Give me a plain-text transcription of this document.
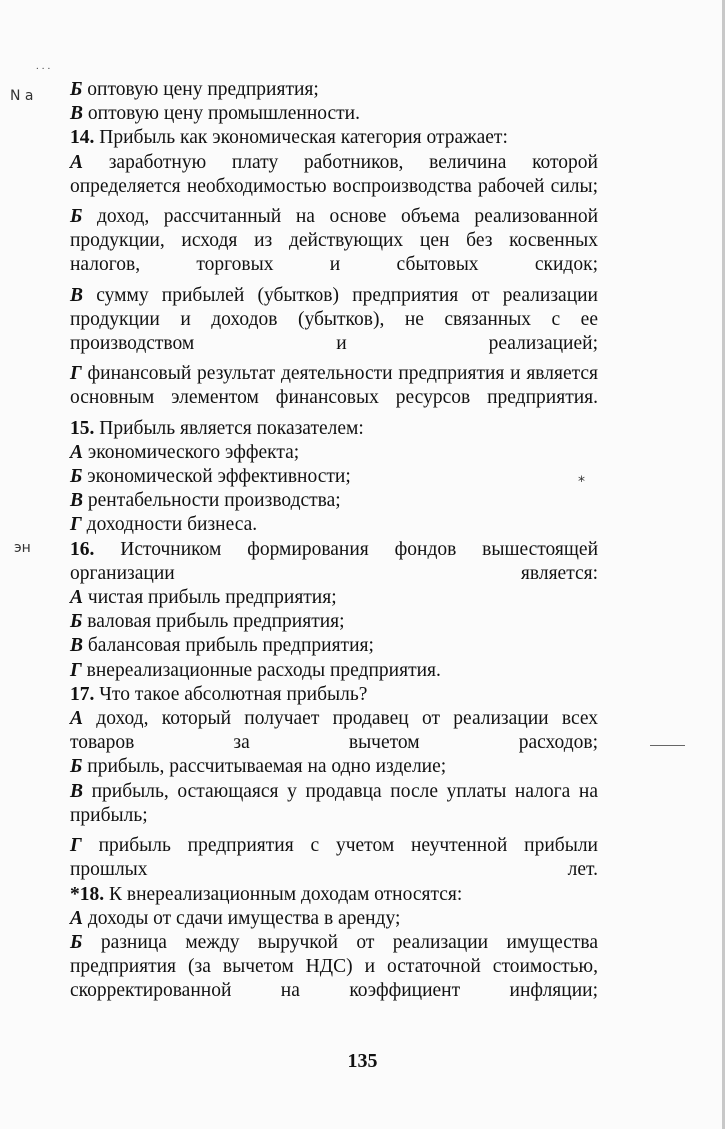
...
Б оптовую цену предприятия;
В оптовую цену промышленности.
14. Прибыль как экономическая категория отражает:

А заработную плату работников, величина которой определяется необходимостью воспроизводства рабочей силы;

Б доход, рассчитанный на основе объема реализованной продукции, исходя из действующих цен без косвенных налогов, торговых и сбытовых скидок;

В сумму прибылей (убытков) предприятия от реализации продукции и доходов (убытков), не связанных с ее производством и реализацией;

Г финансовый результат деятельности предприятия и является основным элементом финансовых ресурсов предприятия.

15. Прибыль является показателем:
А экономического эффекта;
Б экономической эффективности;
В рентабельности производства;
Г доходности бизнеса.

16. Источником формирования фондов вышестоящей организации является:

А чистая прибыль предприятия;
Б валовая прибыль предприятия;
В балансовая прибыль предприятия;
Г внереализационные расходы предприятия.
17. Что такое абсолютная прибыль?

А доход, который получает продавец от реализации всех товаров за вычетом расходов;

Б прибыль, рассчитываемая на одно изделие;

В прибыль, остающаяся у продавца после уплаты налога на прибыль;

Г прибыль предприятия с учетом неучтенной прибыли прошлых лет.

*18. К внереализационным доходам относятся:
А доходы от сдачи имущества в аренду;

Б разница между выручкой от реализации имущества предприятия (за вычетом НДС) и остаточной стоимостью, скорректированной на коэффициент инфляции;

135
N а
эн
*
